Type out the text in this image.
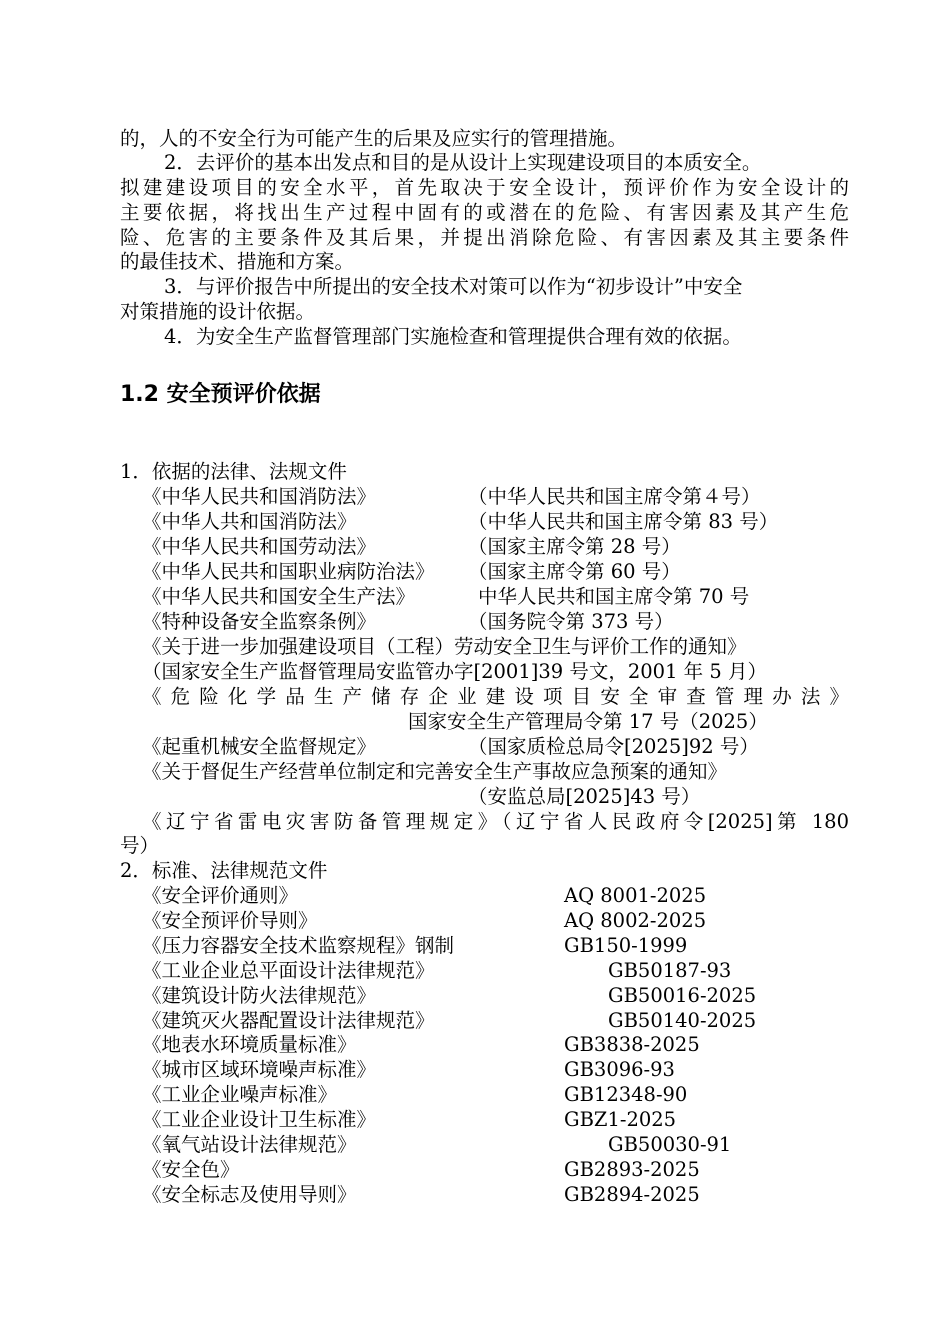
的，人的不安全行为可能产生的后果及应实行的管理措施。
2．去评价的基本出发点和目的是从设计上实现建设项目的本质安全。
拟建建设项目的安全水平，首先取决于安全设计，预评价作为安全设计的
主要依据，将找出生产过程中固有的或潜在的危险、有害因素及其产生危
险、危害的主要条件及其后果，并提出消除危险、有害因素及其主要条件
的最佳技术、措施和方案。
3．与评价报告中所提出的安全技术对策可以作为“初步设计”中安全
对策措施的设计依据。
4．为安全生产监督管理部门实施检查和管理提供合理有效的依据。
1.2 安全预评价依据
1．依据的法律、法规文件
《中华人民共和国消防法》	（中华人民共和国主席令第４号）
《中华人共和国消防法》	（中华人民共和国主席令第 83 号）
《中华人民共和国劳动法》	（国家主席令第 28 号）
《中华人民共和国职业病防治法》 （国家主席令第 60 号）
《中华人民共和国安全生产法》	中华人民共和国主席令第 70 号
《特种设备安全监察条例》	（国务院令第 373 号）
《关于进一步加强建设项目（工程）劳动安全卫生与评价工作的通知》
（国家安全生产监督管理局安监管办字[2001]39 号文，2001 年 5 月）
《危险化学品生产储存企业建设项目安全审查管理办法》
国家安全生产管理局令第 17 号（2025）
《起重机械安全监督规定》	（国家质检总局令[2025]92 号）
《关于督促生产经营单位制定和完善安全生产事故应急预案的通知》
（安监总局[2025]43 号）
《辽宁省雷电灾害防备管理规定》（辽宁省人民政府令[2025]第 180
号）
2．标准、法律规范文件
《安全评价通则》	AQ 8001-2025
《安全预评价导则》	AQ 8002-2025
《压力容器安全技术监察规程》钢制	GB150-1999
《工业企业总平面设计法律规范》	GB50187-93
《建筑设计防火法律规范》	GB50016-2025
《建筑灭火器配置设计法律规范》	GB50140-2025
《地表水环境质量标准》	GB3838-2025
《城市区域环境噪声标准》	GB3096-93
《工业企业噪声标准》	GB12348-90
《工业企业设计卫生标准》	GBZ1-2025
《氧气站设计法律规范》	GB50030-91
《安全色》	GB2893-2025
《安全标志及使用导则》	GB2894-2025
